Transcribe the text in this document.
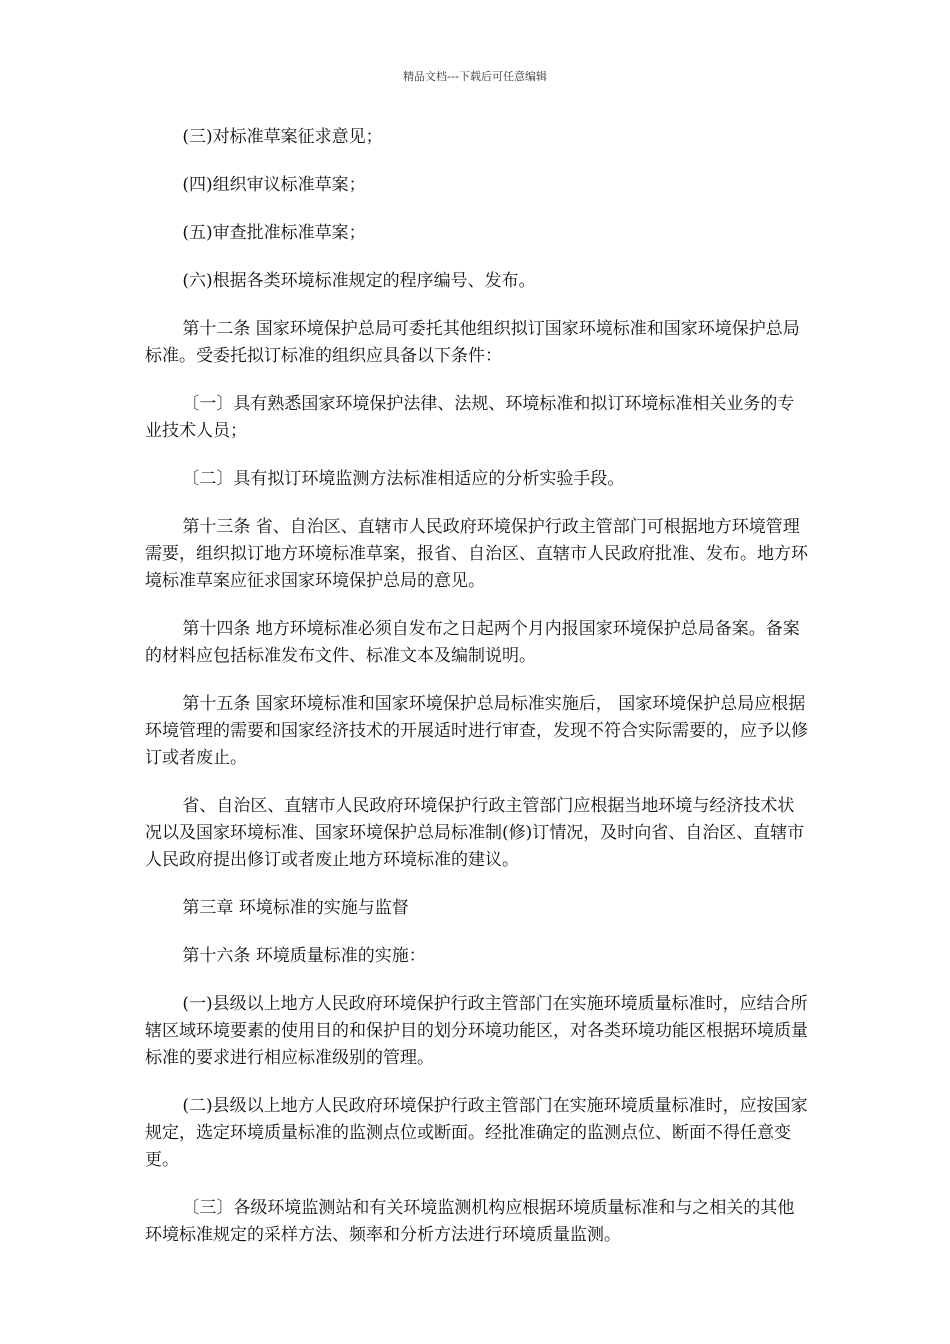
精品文档---下载后可任意编辑

(三)对标准草案征求意见；

(四)组织审议标准草案；

(五)审查批准标准草案；

(六)根据各类环境标准规定的程序编号、发布。

第十二条 国家环境保护总局可委托其他组织拟订国家环境标准和国家环境保护总局标准。受委托拟订标准的组织应具备以下条件：

〔一〕具有熟悉国家环境保护法律、法规、环境标准和拟订环境标准相关业务的专业技术人员；

〔二〕具有拟订环境监测方法标准相适应的分析实验手段。

第十三条 省、自治区、直辖市人民政府环境保护行政主管部门可根据地方环境管理需要，组织拟订地方环境标准草案，报省、自治区、直辖市人民政府批准、发布。地方环境标准草案应征求国家环境保护总局的意见。

第十四条 地方环境标准必须自发布之日起两个月内报国家环境保护总局备案。备案的材料应包括标准发布文件、标准文本及编制说明。

第十五条 国家环境标准和国家环境保护总局标准实施后， 国家环境保护总局应根据环境管理的需要和国家经济技术的开展适时进行审查，发现不符合实际需要的，应予以修订或者废止。

省、自治区、直辖市人民政府环境保护行政主管部门应根据当地环境与经济技术状况以及国家环境标准、国家环境保护总局标准制(修)订情况，及时向省、自治区、直辖市人民政府提出修订或者废止地方环境标准的建议。

第三章 环境标准的实施与监督

第十六条 环境质量标准的实施：

(一)县级以上地方人民政府环境保护行政主管部门在实施环境质量标准时，应结合所辖区域环境要素的使用目的和保护目的划分环境功能区，对各类环境功能区根据环境质量标准的要求进行相应标准级别的管理。

(二)县级以上地方人民政府环境保护行政主管部门在实施环境质量标准时，应按国家规定，选定环境质量标准的监测点位或断面。经批准确定的监测点位、断面不得任意变更。

〔三〕各级环境监测站和有关环境监测机构应根据环境质量标准和与之相关的其他环境标准规定的采样方法、频率和分析方法进行环境质量监测。
